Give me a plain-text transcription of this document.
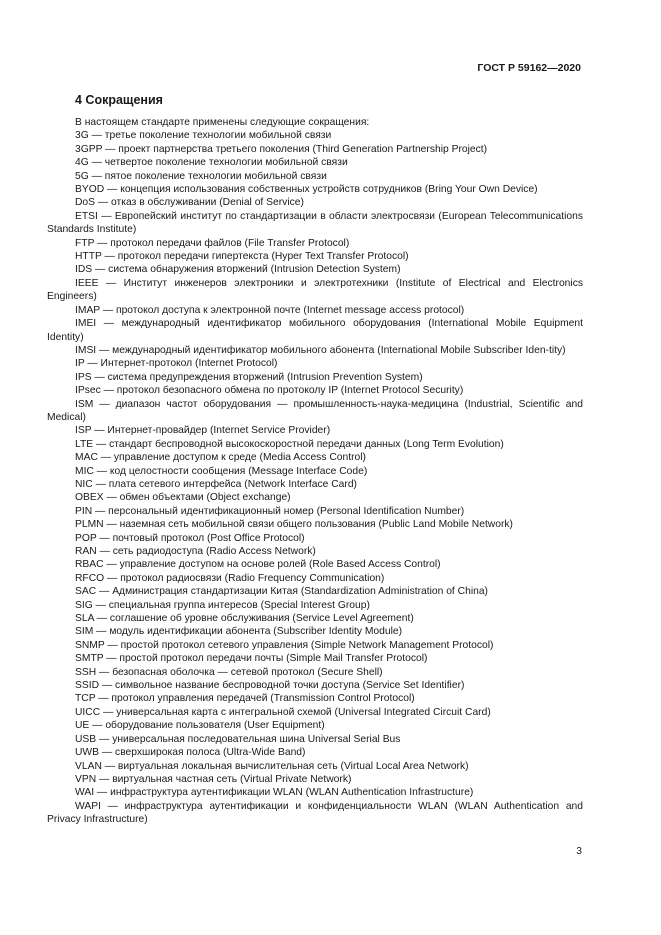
ГОСТ Р 59162—2020
4 Сокращения

В настоящем стандарте применены следующие сокращения:

3G — третье поколение технологии мобильной связи
3GPP — проект партнерства третьего поколения (Third Generation Partnership Project)
4G — четвертое поколение технологии мобильной связи
5G — пятое поколение технологии мобильной связи
BYOD — концепция использования собственных устройств сотрудников (Bring Your Own Device)
DoS — отказ в обслуживании (Denial of Service)
ETSI — Европейский институт по стандартизации в области электросвязи (European Telecommunications Standards Institute)
FTP — протокол передачи файлов (File Transfer Protocol)
HTTP — протокол передачи гипертекста (Hyper Text Transfer Protocol)
IDS — система обнаружения вторжений (Intrusion Detection System)
IEEE — Институт инженеров электроники и электротехники (Institute of Electrical and Electronics Engineers)
IMAP — протокол доступа к электронной почте (Internet message access protocol)
IMEI — международный идентификатор мобильного оборудования (International Mobile Equipment Identity)
IMSI — международный идентификатор мобильного абонента (International Mobile Subscriber Iden-tity)
IP — Интернет-протокол (Internet Protocol)
IPS — система предупреждения вторжений (Intrusion Prevention System)
IPsec — протокол безопасного обмена по протоколу IP (Internet Protocol Security)
ISM — диапазон частот оборудования — промышленность-наука-медицина (Industrial, Scientific and Medical)
ISP — Интернет-провайдер (Internet Service Provider)
LTE — стандарт беспроводной высокоскоростной передачи данных (Long Term Evolution)
MAC — управление доступом к среде (Media Access Control)
MIC — код целостности сообщения (Message Interface Code)
NIC — плата сетевого интерфейса (Network Interface Card)
OBEX — обмен объектами (Object exchange)
PIN — персональный идентификационный номер (Personal Identification Number)
PLMN — наземная сеть мобильной связи общего пользования (Public Land Mobile Network)
POP — почтовый протокол (Post Office Protocol)
RAN — сеть радиодоступа (Radio Access Network)
RBAC — управление доступом на основе ролей (Role Based Access Control)
RFCO — протокол радиосвязи (Radio Frequency Communication)
SAC — Администрация стандартизации Китая (Standardization Administration of China)
SIG — специальная группа интересов (Special Interest Group)
SLA — соглашение об уровне обслуживания (Service Level Agreement)
SIM — модуль идентификации абонента (Subscriber Identity Module)
SNMP — простой протокол сетевого управления (Simple Network Management Protocol)
SMTP — простой протокол передачи почты (Simple Mail Transfer Protocol)
SSH — безопасная оболочка — сетевой протокол (Secure Shell)
SSID — символьное название беспроводной точки доступа (Service Set Identifier)
TCP — протокол управления передачей (Transmission Control Protocol)
UICC — универсальная карта с интегральной схемой (Universal Integrated Circuit Card)
UE — оборудование пользователя (User Equipment)
USB — универсальная последовательная шина Universal Serial Bus
UWB — сверхширокая полоса (Ultra-Wide Band)
VLAN — виртуальная локальная вычислительная сеть (Virtual Local Area Network)
VPN — виртуальная частная сеть (Virtual Private Network)
WAI — инфраструктура аутентификации WLAN (WLAN Authentication Infrastructure)
WAPI — инфраструктура аутентификации и конфиденциальности WLAN (WLAN Authentication and Privacy Infrastructure)
3
